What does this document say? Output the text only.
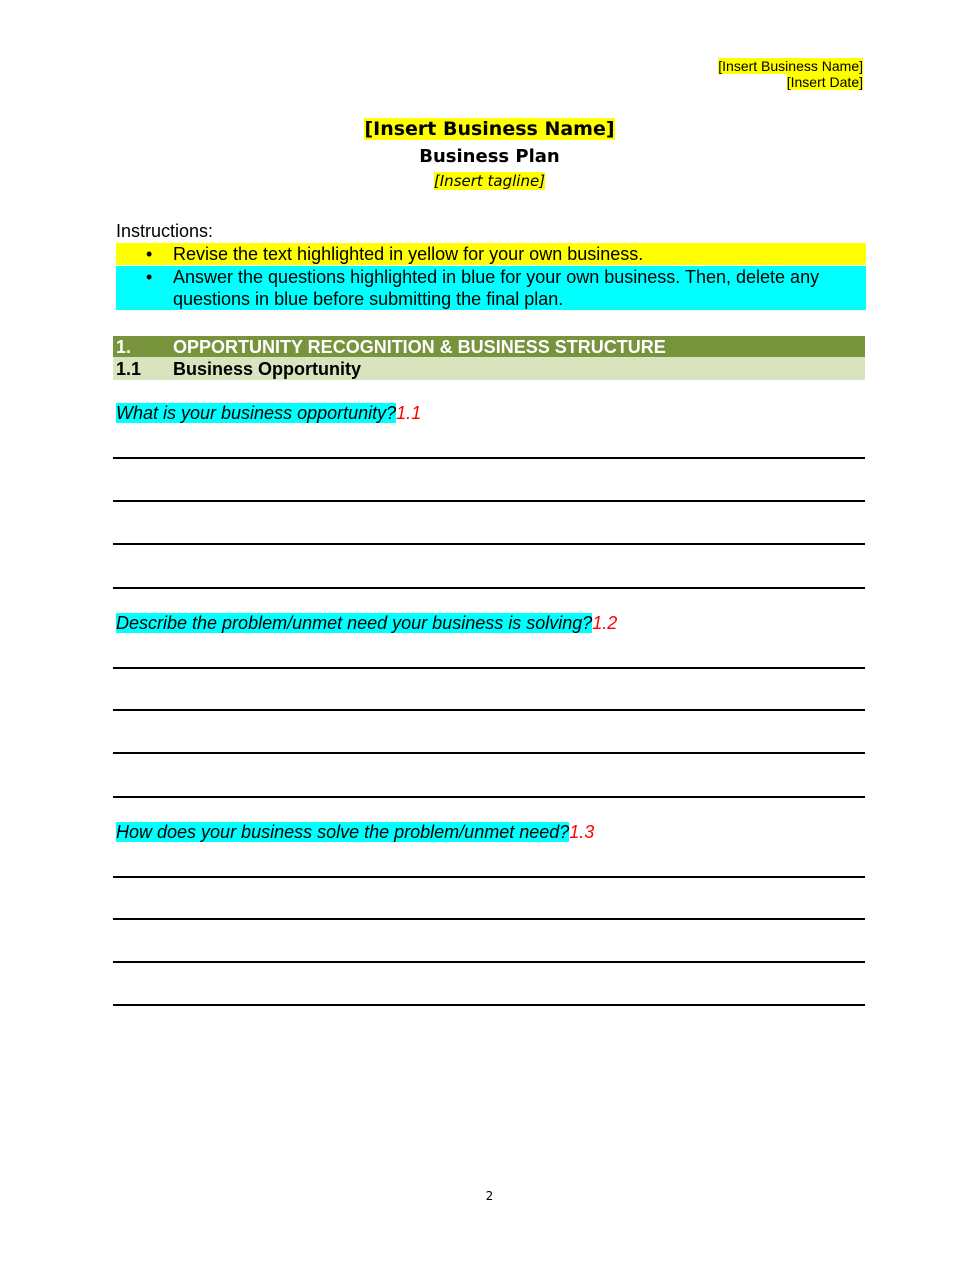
[Insert Business Name]
[Insert Date]
[Insert Business Name]
Business Plan
[Insert tagline]
Instructions:
• Revise the text highlighted in yellow for your own business.
• Answer the questions highlighted in blue for your own business. Then, delete any questions in blue before submitting the final plan.
1. OPPORTUNITY RECOGNITION & BUSINESS STRUCTURE
1.1 Business Opportunity
What is your business opportunity?1.1
Describe the problem/unmet need your business is solving?1.2
How does your business solve the problem/unmet need?1.3
2
